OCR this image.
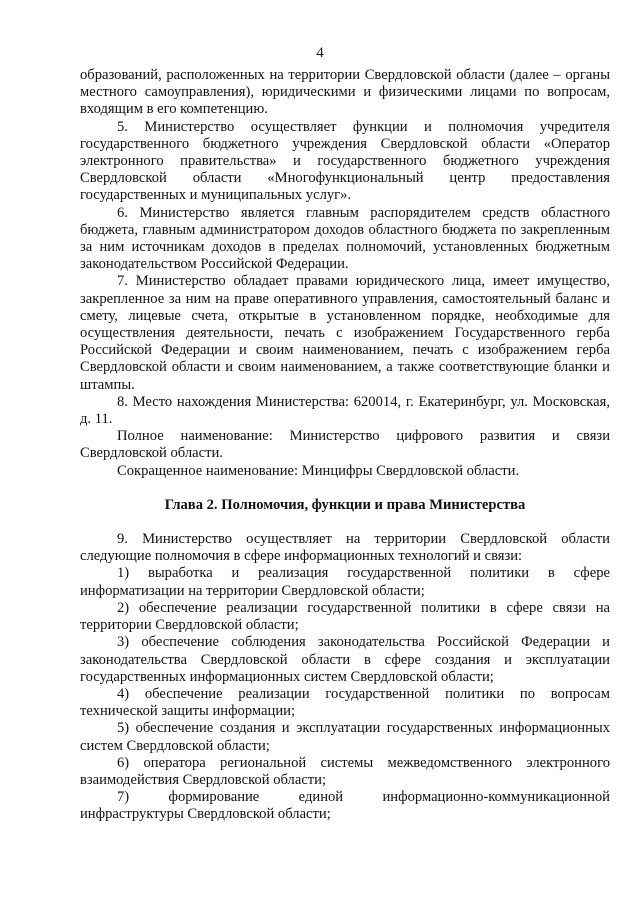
4

образований, расположенных на территории Свердловской области (далее – органы местного самоуправления), юридическими и физическими лицами по вопросам, входящим в его компетенцию.

5. Министерство осуществляет функции и полномочия учредителя государственного бюджетного учреждения Свердловской области «Оператор электронного правительства» и государственного бюджетного учреждения Свердловской области «Многофункциональный центр предоставления государственных и муниципальных услуг».

6. Министерство является главным распорядителем средств областного бюджета, главным администратором доходов областного бюджета по закрепленным за ним источникам доходов в пределах полномочий, установленных бюджетным законодательством Российской Федерации.

7. Министерство обладает правами юридического лица, имеет имущество, закрепленное за ним на праве оперативного управления, самостоятельный баланс и смету, лицевые счета, открытые в установленном порядке, необходимые для осуществления деятельности, печать с изображением Государственного герба Российской Федерации и своим наименованием, печать с изображением герба Свердловской области и своим наименованием, а также соответствующие бланки и штампы.

8. Место нахождения Министерства: 620014, г. Екатеринбург, ул. Московская, д. 11.

Полное наименование: Министерство цифрового развития и связи Свердловской области.

Сокращенное наименование: Минцифры Свердловской области.

Глава 2. Полномочия, функции и права Министерства

9. Министерство осуществляет на территории Свердловской области следующие полномочия в сфере информационных технологий и связи:

1) выработка и реализация государственной политики в сфере информатизации на территории Свердловской области;

2) обеспечение реализации государственной политики в сфере связи на территории Свердловской области;

3) обеспечение соблюдения законодательства Российской Федерации и законодательства Свердловской области в сфере создания и эксплуатации государственных информационных систем Свердловской области;

4) обеспечение реализации государственной политики по вопросам технической защиты информации;

5) обеспечение создания и эксплуатации государственных информационных систем Свердловской области;

6) оператора региональной системы межведомственного электронного взаимодействия Свердловской области;

7) формирование единой информационно-коммуникационной инфраструктуры Свердловской области;
